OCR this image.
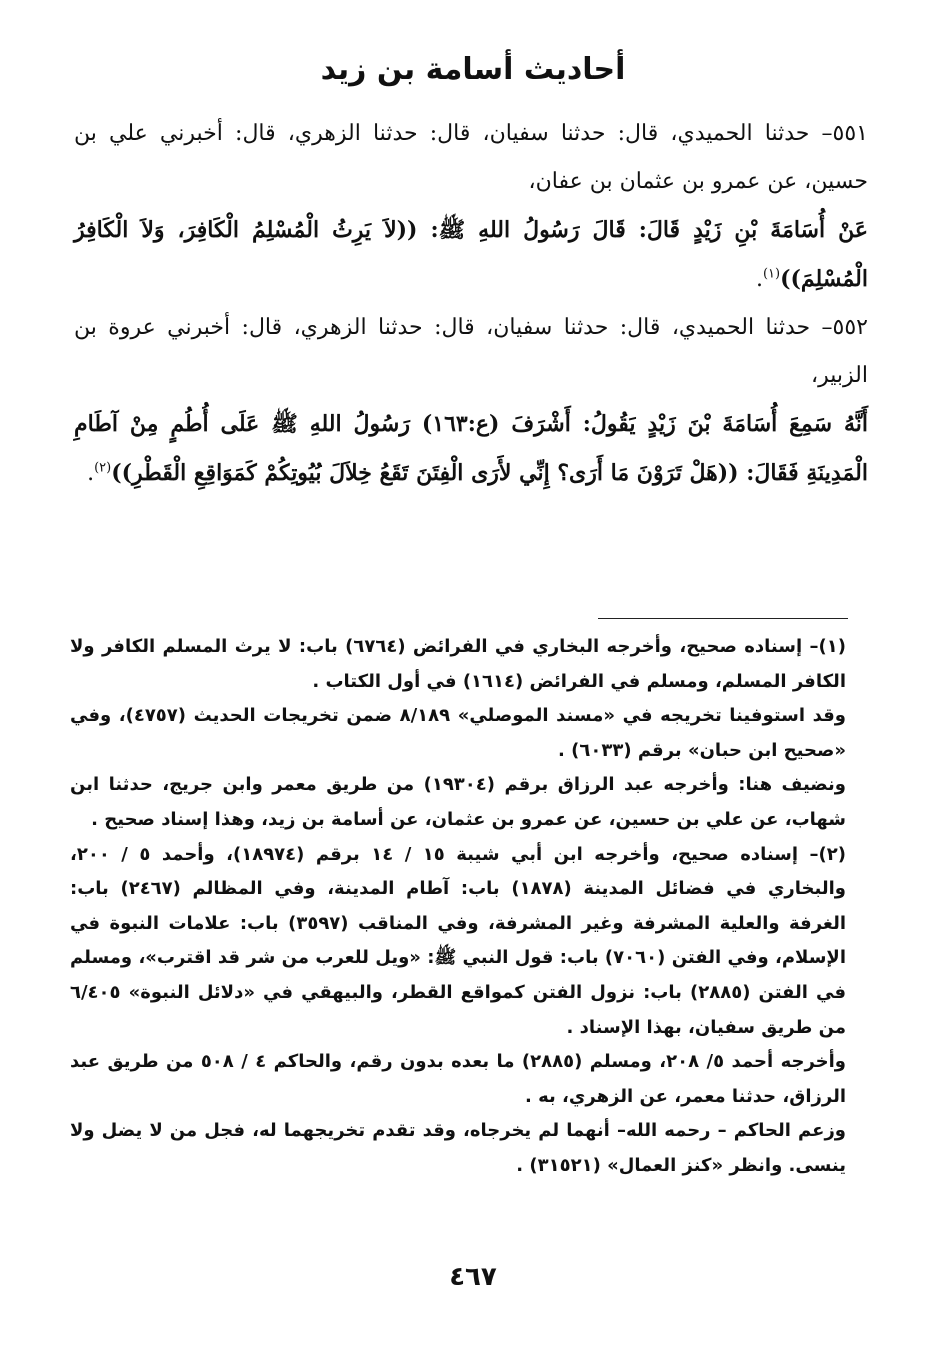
أحاديث أسامة بن زيد

٥٥١– حدثنا الحميدي، قال: حدثنا سفيان، قال: حدثنا الزهري، قال: أخبرني علي بن حسين، عن عمرو بن عثمان بن عفان،

عَنْ أُسَامَةَ بْنِ زَيْدٍ قَالَ: قَالَ رَسُولُ اللهِ ﷺ: ((لاَ يَرِثُ الْمُسْلِمُ الْكَافِرَ، وَلاَ الْكَافِرُ الْمُسْلِمَ))$^{(١)}$.

٥٥٢– حدثنا الحميدي، قال: حدثنا سفيان، قال: حدثنا الزهري، قال: أخبرني عروة بن الزبير،

أَنَّهُ سَمِعَ أُسَامَةَ بْنَ زَيْدٍ يَقُولُ: أَشْرَفَ (ع:١٦٣) رَسُولُ اللهِ ﷺ عَلَى أُطُمٍ مِنْ آطَامِ الْمَدِينَةِ فَقَالَ: ((هَلْ تَرَوْنَ مَا أَرَى؟ إِنِّي لأَرَى الْفِتَنَ تَقَعُ خِلاَلَ بُيُوتِكُمْ كَمَوَاقِعِ الْقَطْرِ))$^{(٢)}$.

(١)– إسناده صحيح، وأخرجه البخاري في الفرائض (٦٧٦٤) باب: لا يرث المسلم الكافر ولا الكافر المسلم، ومسلم في الفرائض (١٦١٤) في أول الكتاب .

وقد استوفينا تخريجه في «مسند الموصلي» ٨/١٨٩ ضمن تخريجات الحديث (٤٧٥٧)، وفي «صحيح ابن حبان» برقم (٦٠٣٣) .

ونضيف هنا: وأخرجه عبد الرزاق برقم (١٩٣٠٤) من طريق معمر وابن جريج، حدثنا ابن شهاب، عن علي بن حسين، عن عمرو بن عثمان، عن أسامة بن زيد، وهذا إسناد صحيح .

(٢)– إسناده صحيح، وأخرجه ابن أبي شيبة ١٥ / ١٤ برقم (١٨٩٧٤)، وأحمد ٥ / ٢٠٠، والبخاري في فضائل المدينة (١٨٧٨) باب: آطام المدينة، وفي المظالم (٢٤٦٧) باب: الغرفة والعلية المشرفة وغير المشرفة، وفي المناقب (٣٥٩٧) باب: علامات النبوة في الإسلام، وفي الفتن (٧٠٦٠) باب: قول النبي ﷺ: «ويل للعرب من شر قد اقترب»، ومسلم في الفتن (٢٨٨٥) باب: نزول الفتن كمواقع القطر، والبيهقي في «دلائل النبوة» ٦/٤٠٥ من طريق سفيان، بهذا الإسناد .

وأخرجه أحمد ٥/ ٢٠٨، ومسلم (٢٨٨٥) ما بعده بدون رقم، والحاكم ٤ / ٥٠٨ من طريق عبد الرزاق، حدثنا معمر، عن الزهري، به .

وزعم الحاكم – رحمه الله– أنهما لم يخرجاه، وقد تقدم تخريجهما له، فجل من لا يضل ولا ينسى. وانظر «كنز العمال» (٣١٥٢١) .

٤٦٧
